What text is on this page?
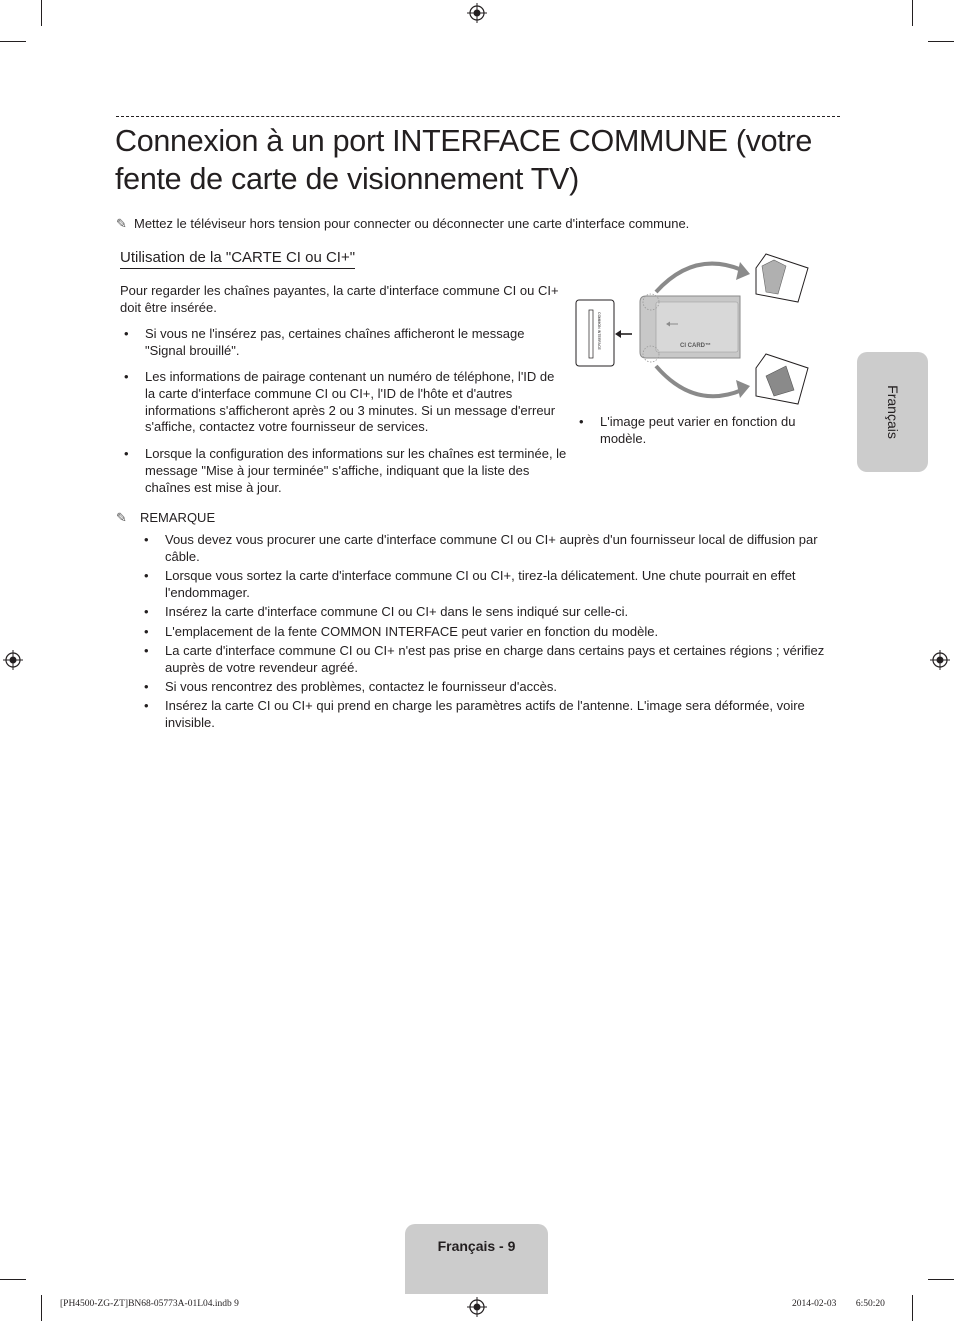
Connexion à un port INTERFACE COMMUNE (votre fente de carte de visionnement TV)
✎ Mettez le téléviseur hors tension pour connecter ou déconnecter une carte d'interface commune.
Utilisation de la "CARTE CI ou CI+"
Pour regarder les chaînes payantes, la carte d'interface commune CI ou CI+ doit être insérée.
• Si vous ne l'insérez pas, certaines chaînes afficheront le message "Signal brouillé".
• Les informations de pairage contenant un numéro de téléphone, l'ID de la carte d'interface commune CI ou CI+, l'ID de l'hôte et d'autres informations s'afficheront après 2 ou 3 minutes. Si un message d'erreur s'affiche, contactez votre fournisseur de services.
• Lorsque la configuration des informations sur les chaînes est terminée, le message "Mise à jour terminée" s'affiche, indiquant que la liste des chaînes est mise à jour.
COMMON INTERFACE	CI CARD™
• L'image peut varier en fonction du modèle.
✎ REMARQUE
• Vous devez vous procurer une carte d'interface commune CI ou CI+ auprès d'un fournisseur local de diffusion par câble.
• Lorsque vous sortez la carte d'interface commune CI ou CI+, tirez-la délicatement. Une chute pourrait en effet l'endommager.
• Insérez la carte d'interface commune CI ou CI+ dans le sens indiqué sur celle-ci.
• L'emplacement de la fente COMMON INTERFACE peut varier en fonction du modèle.
• La carte d'interface commune CI ou CI+ n'est pas prise en charge dans certains pays et certaines régions ; vérifiez auprès de votre revendeur agréé.
• Si vous rencontrez des problèmes, contactez le fournisseur d'accès.
• Insérez la carte CI ou CI+ qui prend en charge les paramètres actifs de l'antenne. L'image sera déformée, voire invisible.
Français
Français - 9
[PH4500-ZG-ZT]BN68-05773A-01L04.indb 9	2014-02-03 ￿￿ 6:50:20
